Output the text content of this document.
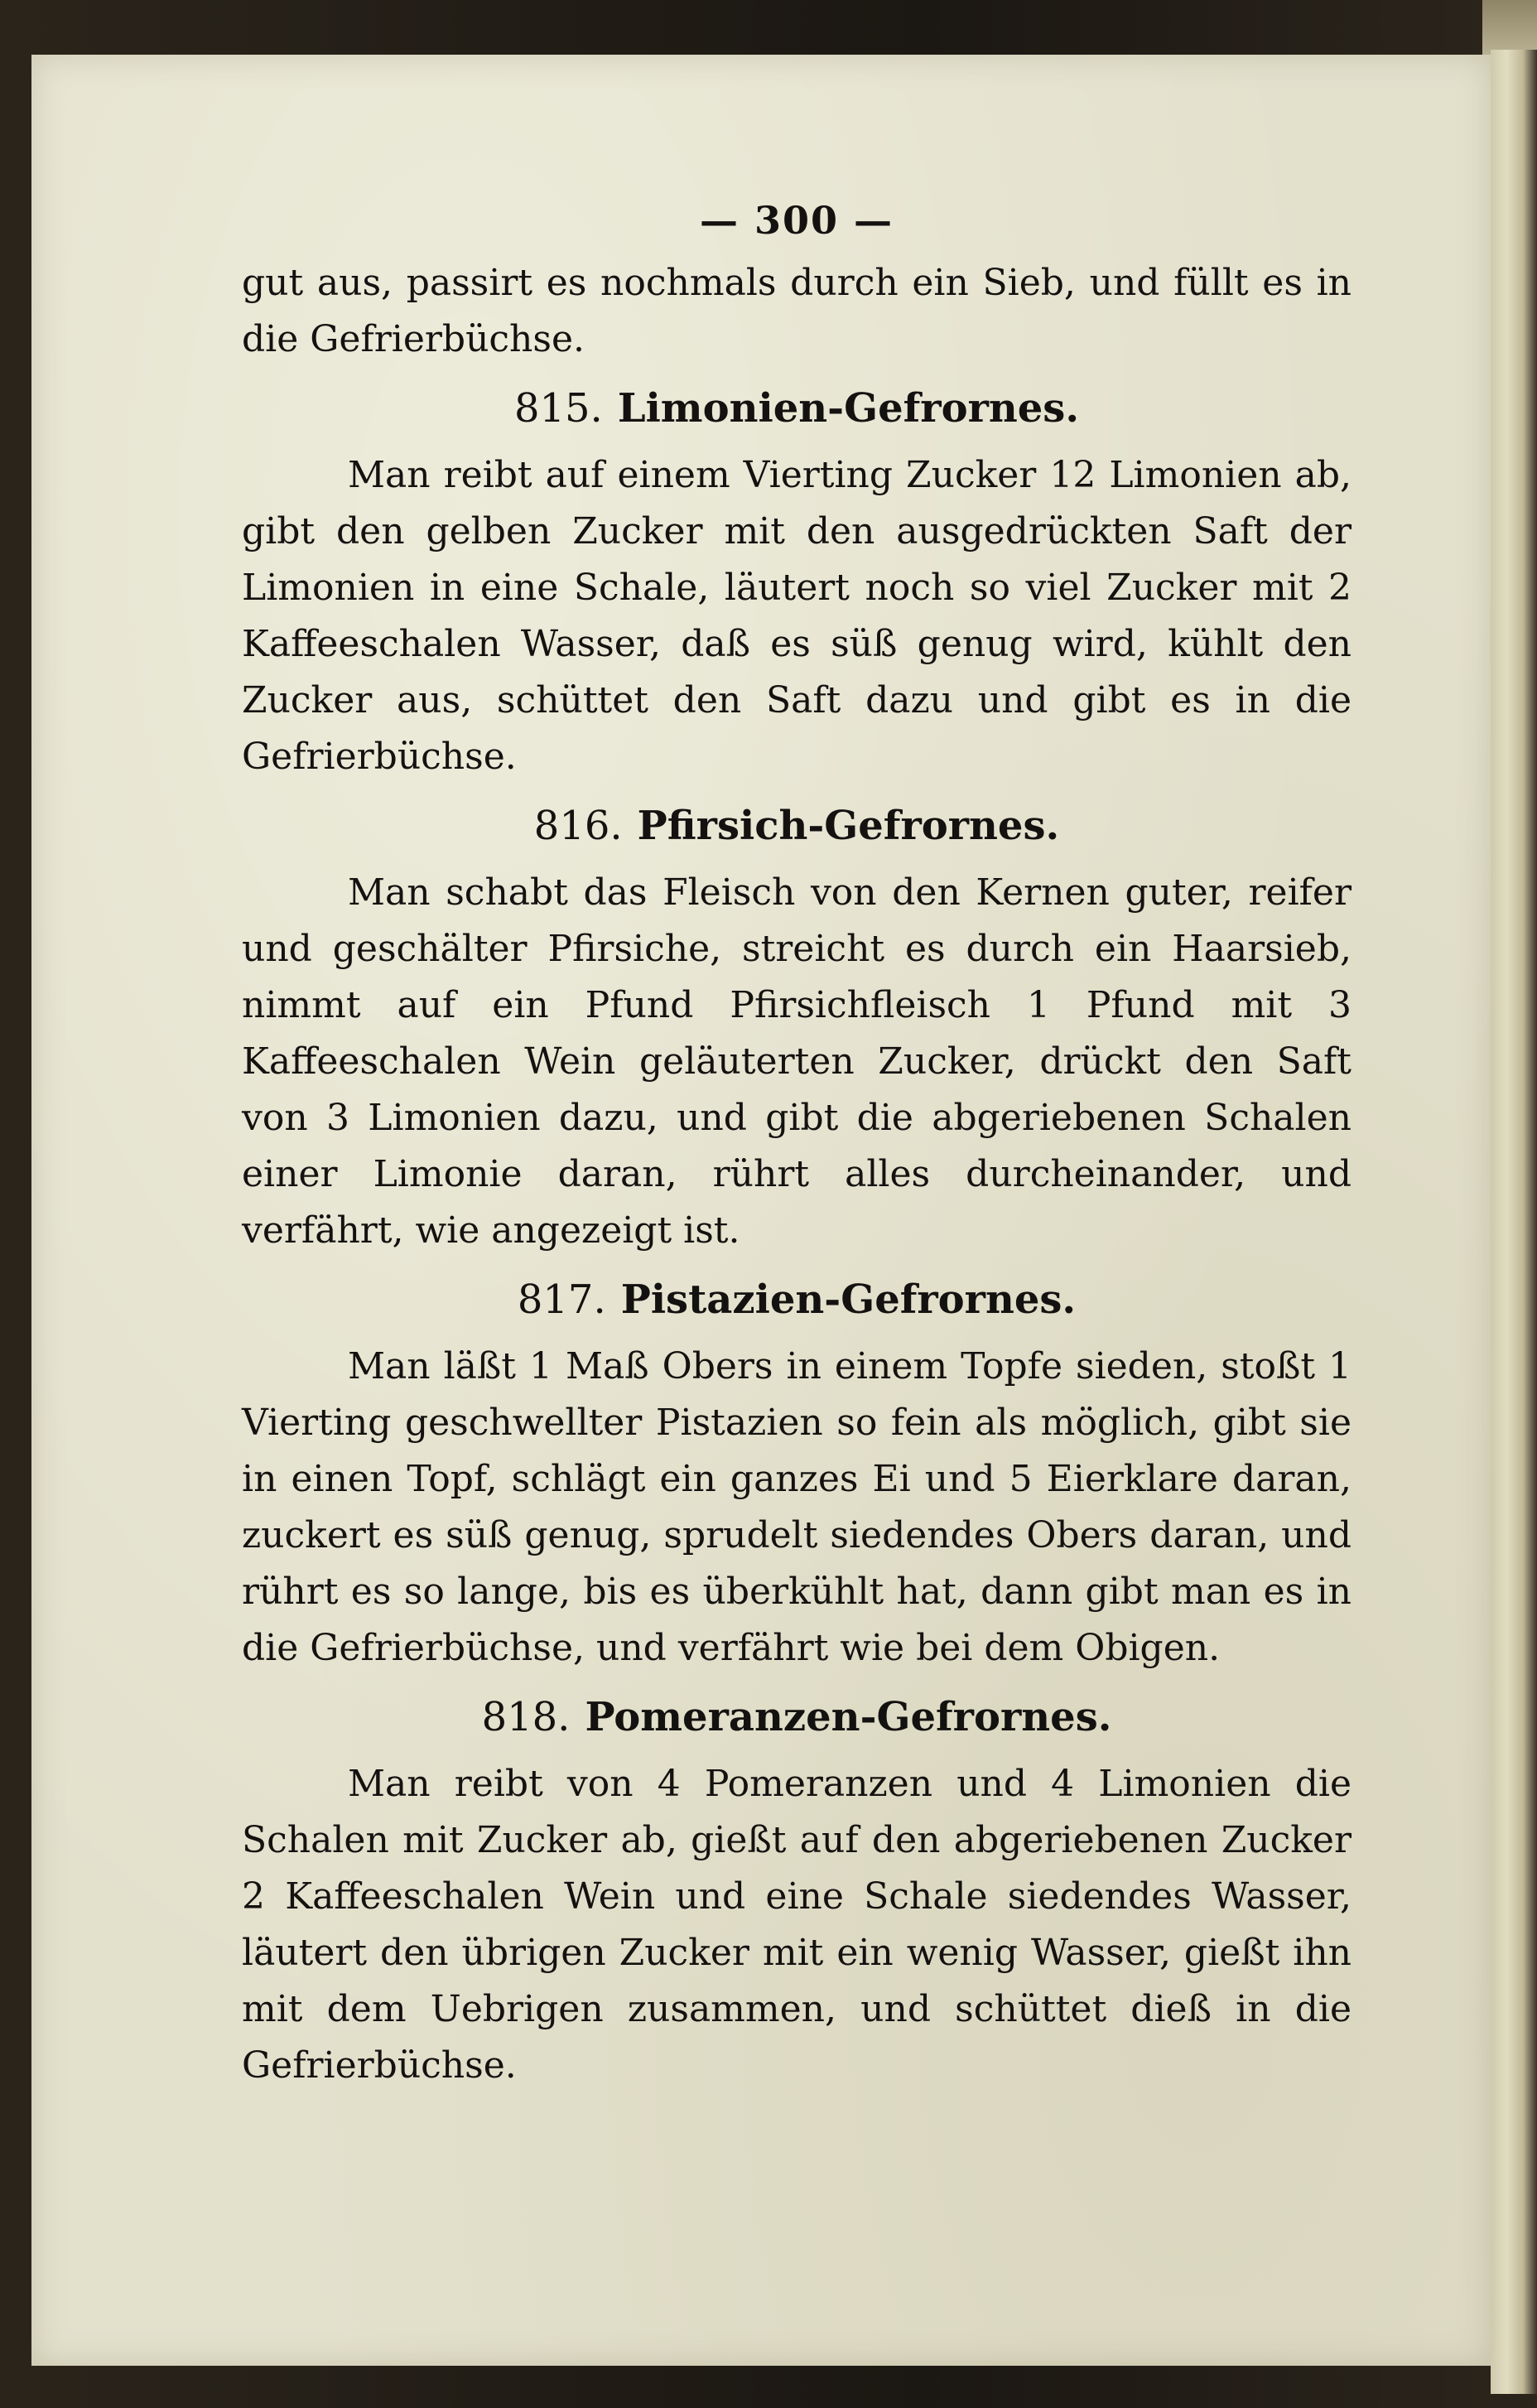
— 300 —

gut aus, passirt es nochmals durch ein Sieb, und füllt es in die Gefrierbüchse.

815. Limonien-Gefrornes.

Man reibt auf einem Vierting Zucker 12 Limonien ab, gibt den gelben Zucker mit den ausgedrückten Saft der Limonien in eine Schale, läutert noch so viel Zucker mit 2 Kaffeeschalen Wasser, daß es süß genug wird, kühlt den Zucker aus, schüttet den Saft dazu und gibt es in die Gefrierbüchse.

816. Pfirsich-Gefrornes.

Man schabt das Fleisch von den Kernen guter, reifer und geschälter Pfirsiche, streicht es durch ein Haarsieb, nimmt auf ein Pfund Pfirsichfleisch 1 Pfund mit 3 Kaffeeschalen Wein geläuterten Zucker, drückt den Saft von 3 Limonien dazu, und gibt die abgeriebenen Schalen einer Limonie daran, rührt alles durcheinander, und verfährt, wie angezeigt ist.

817. Pistazien-Gefrornes.

Man läßt 1 Maß Obers in einem Topfe sieden, stoßt 1 Vierting geschwellter Pistazien so fein als möglich, gibt sie in einen Topf, schlägt ein ganzes Ei und 5 Eierklare daran, zuckert es süß genug, sprudelt siedendes Obers daran, und rührt es so lange, bis es überkühlt hat, dann gibt man es in die Gefrierbüchse, und verfährt wie bei dem Obigen.

818. Pomeranzen-Gefrornes.

Man reibt von 4 Pomeranzen und 4 Limonien die Schalen mit Zucker ab, gießt auf den abgeriebenen Zucker 2 Kaffeeschalen Wein und eine Schale siedendes Wasser, läutert den übrigen Zucker mit ein wenig Wasser, gießt ihn mit dem Uebrigen zusammen, und schüttet dieß in die Gefrierbüchse.
